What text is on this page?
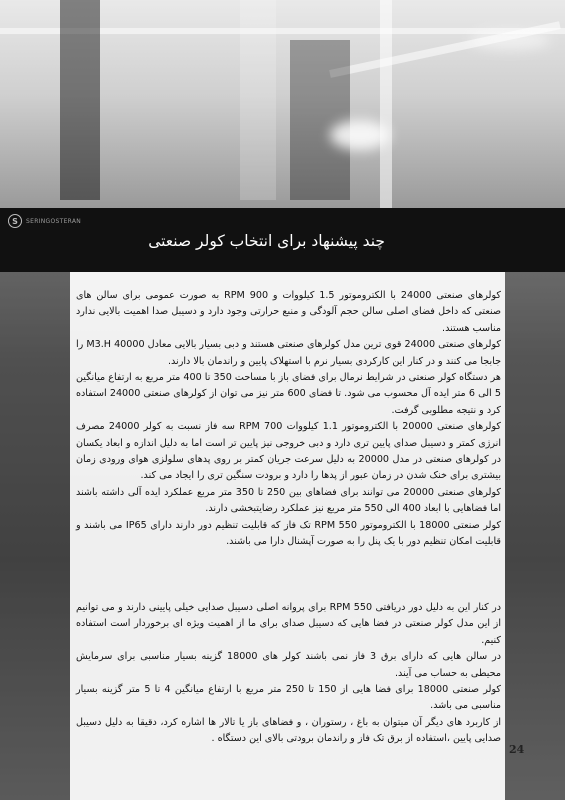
S	SERINGOSTERAN
چند پیشنهاد برای انتخاب کولر صنعتی

کولرهای صنعتی 24000 با الکتروموتور 1.5 کیلووات و 900 RPM به صورت عمومی برای سالن های صنعتی که داخل فضای اصلی سالن حجم آلودگی و منبع حرارتی وجود دارد و دسیبل صدا اهمیت بالایی ندارد مناسب هستند.

کولرهای صنعتی 24000 قوی ترین مدل کولرهای صنعتی هستند و دبی بسیار بالایی معادل 40000 M3.H را جابجا می کنند و در کنار این کارکردی بسیار نرم با استهلاک پایین و راندمان بالا دارند.

هر دستگاه کولر صنعتی در شرایط نرمال برای فضای باز با مساحت 350 تا 400 متر مربع به ارتفاع میانگین 5 الی 6 متر ایده آل محسوب می شود. تا فضای 600 متر نیز می توان از کولرهای صنعتی 24000 استفاده کرد و نتیجه مطلوبی گرفت.

کولرهای صنعتی 20000 با الکتروموتور 1.1 کیلووات 700 RPM سه فاز نسبت به کولر 24000 مصرف انرژی کمتر و دسیبل صدای پایین تری دارد و دبی خروجی نیز پایین تر است اما به دلیل اندازه و ابعاد یکسان در کولرهای صنعتی در مدل 20000 به دلیل سرعت جریان کمتر بر روی پدهای سلولزی هوای ورودی زمان بیشتری برای خنک شدن در زمان عبور از پدها را دارد و برودت سنگین تری را ایجاد می کند.

کولرهای صنعتی 20000 می توانند برای فضاهای بین 250 تا 350 متر مربع عملکرد ایده آلی داشته باشند اما فضاهایی با ابعاد 400 الی 550 متر مربع نیز عملکرد رضایتبخشی دارند.

کولر صنعتی 18000 با الکتروموتور 550 RPM تک فاز که قابلیت تنظیم دور دارند دارای IP65 می باشند و قابلیت امکان تنظیم دور با یک پنل را به صورت آپشنال دارا می باشند.

در کنار این به دلیل دور دریافتی 550 RPM برای پروانه اصلی دسیبل صدایی خیلی پایینی دارند و می توانیم از این مدل کولر صنعتی در فضا هایی که دسیبل صدای برای ما از اهمیت ویژه ای برخوردار است استفاده کنیم.

در سالن هایی که دارای برق 3 فاز نمی باشند کولر های 18000 گزینه بسیار مناسبی برای سرمایش محیطی به حساب می آیند.

کولر صنعتی 18000 برای فضا هایی از 150 تا 250 متر مربع با ارتفاع میانگین 4 تا 5 متر گزینه بسیار مناسبی می باشد.

از کاربرد های دیگر آن میتوان به باغ ، رستوران ، و فضاهای باز یا تالار ها اشاره کرد، دقیقا به دلیل دسیبل صدایی پایین ،استفاده از برق تک فاز و راندمان برودتی بالای این دستگاه .

24
